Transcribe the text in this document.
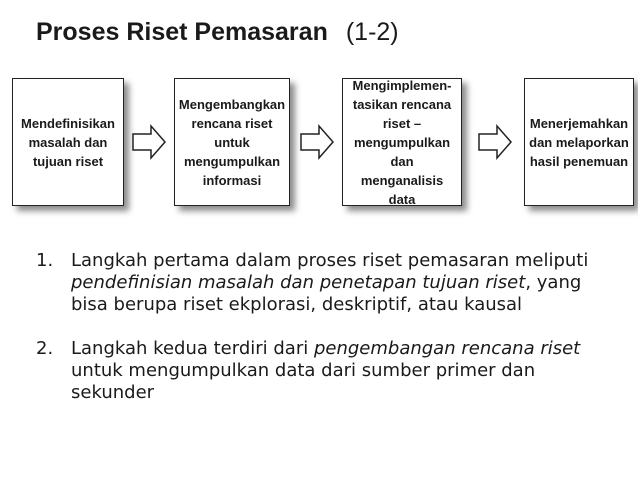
Proses Riset Pemasaran (1-2)
Mendefinisikan
masalah dan
tujuan riset
Mengembangkan
rencana riset
untuk
mengumpulkan
informasi
Mengimplemen-
tasikan rencana
riset –
mengumpulkan dan
menganalisis data
Menerjemahkan
dan melaporkan
hasil penemuan
1. Langkah pertama dalam proses riset pemasaran meliputi pendefinisian masalah dan penetapan tujuan riset, yang bisa berupa riset ekplorasi, deskriptif, atau kausal
2. Langkah kedua terdiri dari pengembangan rencana riset untuk mengumpulkan data dari sumber primer dan sekunder
